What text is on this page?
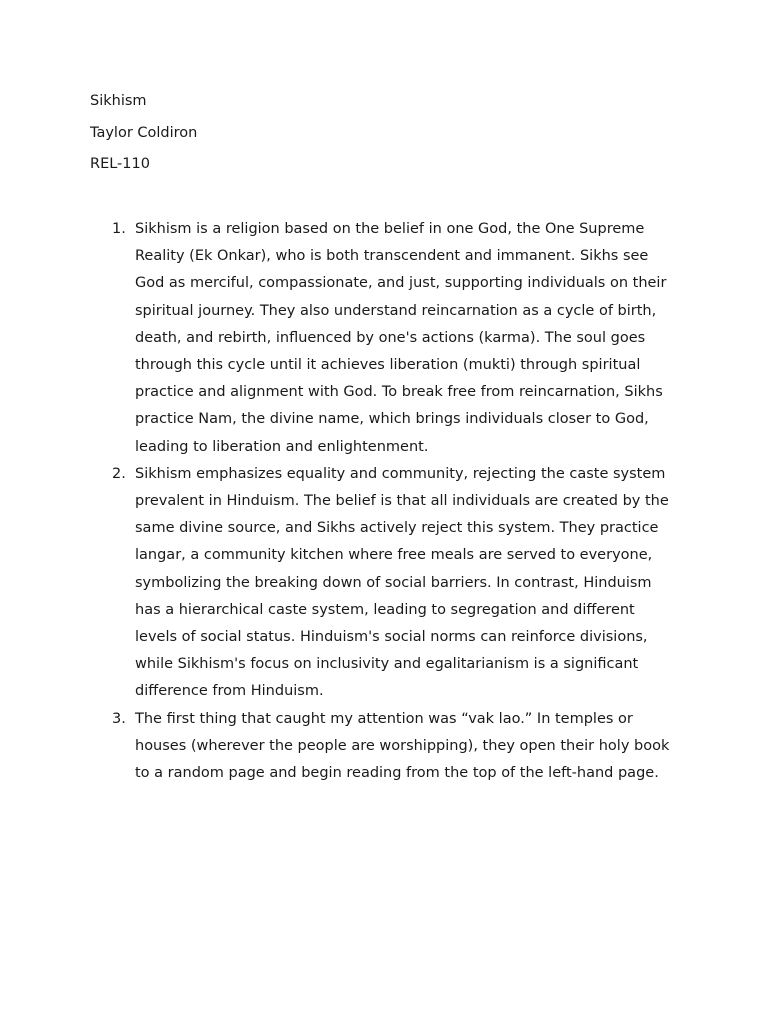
Sikhism
Taylor Coldiron
REL-110
1. Sikhism is a religion based on the belief in one God, the One Supreme Reality (Ek Onkar), who is both transcendent and immanent. Sikhs see God as merciful, compassionate, and just, supporting individuals on their spiritual journey. They also understand reincarnation as a cycle of birth, death, and rebirth, influenced by one's actions (karma). The soul goes through this cycle until it achieves liberation (mukti) through spiritual practice and alignment with God. To break free from reincarnation, Sikhs practice Nam, the divine name, which brings individuals closer to God, leading to liberation and enlightenment.
2. Sikhism emphasizes equality and community, rejecting the caste system prevalent in Hinduism. The belief is that all individuals are created by the same divine source, and Sikhs actively reject this system. They practice langar, a community kitchen where free meals are served to everyone, symbolizing the breaking down of social barriers. In contrast, Hinduism has a hierarchical caste system, leading to segregation and different levels of social status. Hinduism's social norms can reinforce divisions, while Sikhism's focus on inclusivity and egalitarianism is a significant difference from Hinduism.
3. The first thing that caught my attention was “vak lao.” In temples or houses (wherever the people are worshipping), they open their holy book to a random page and begin reading from the top of the left-hand page.
